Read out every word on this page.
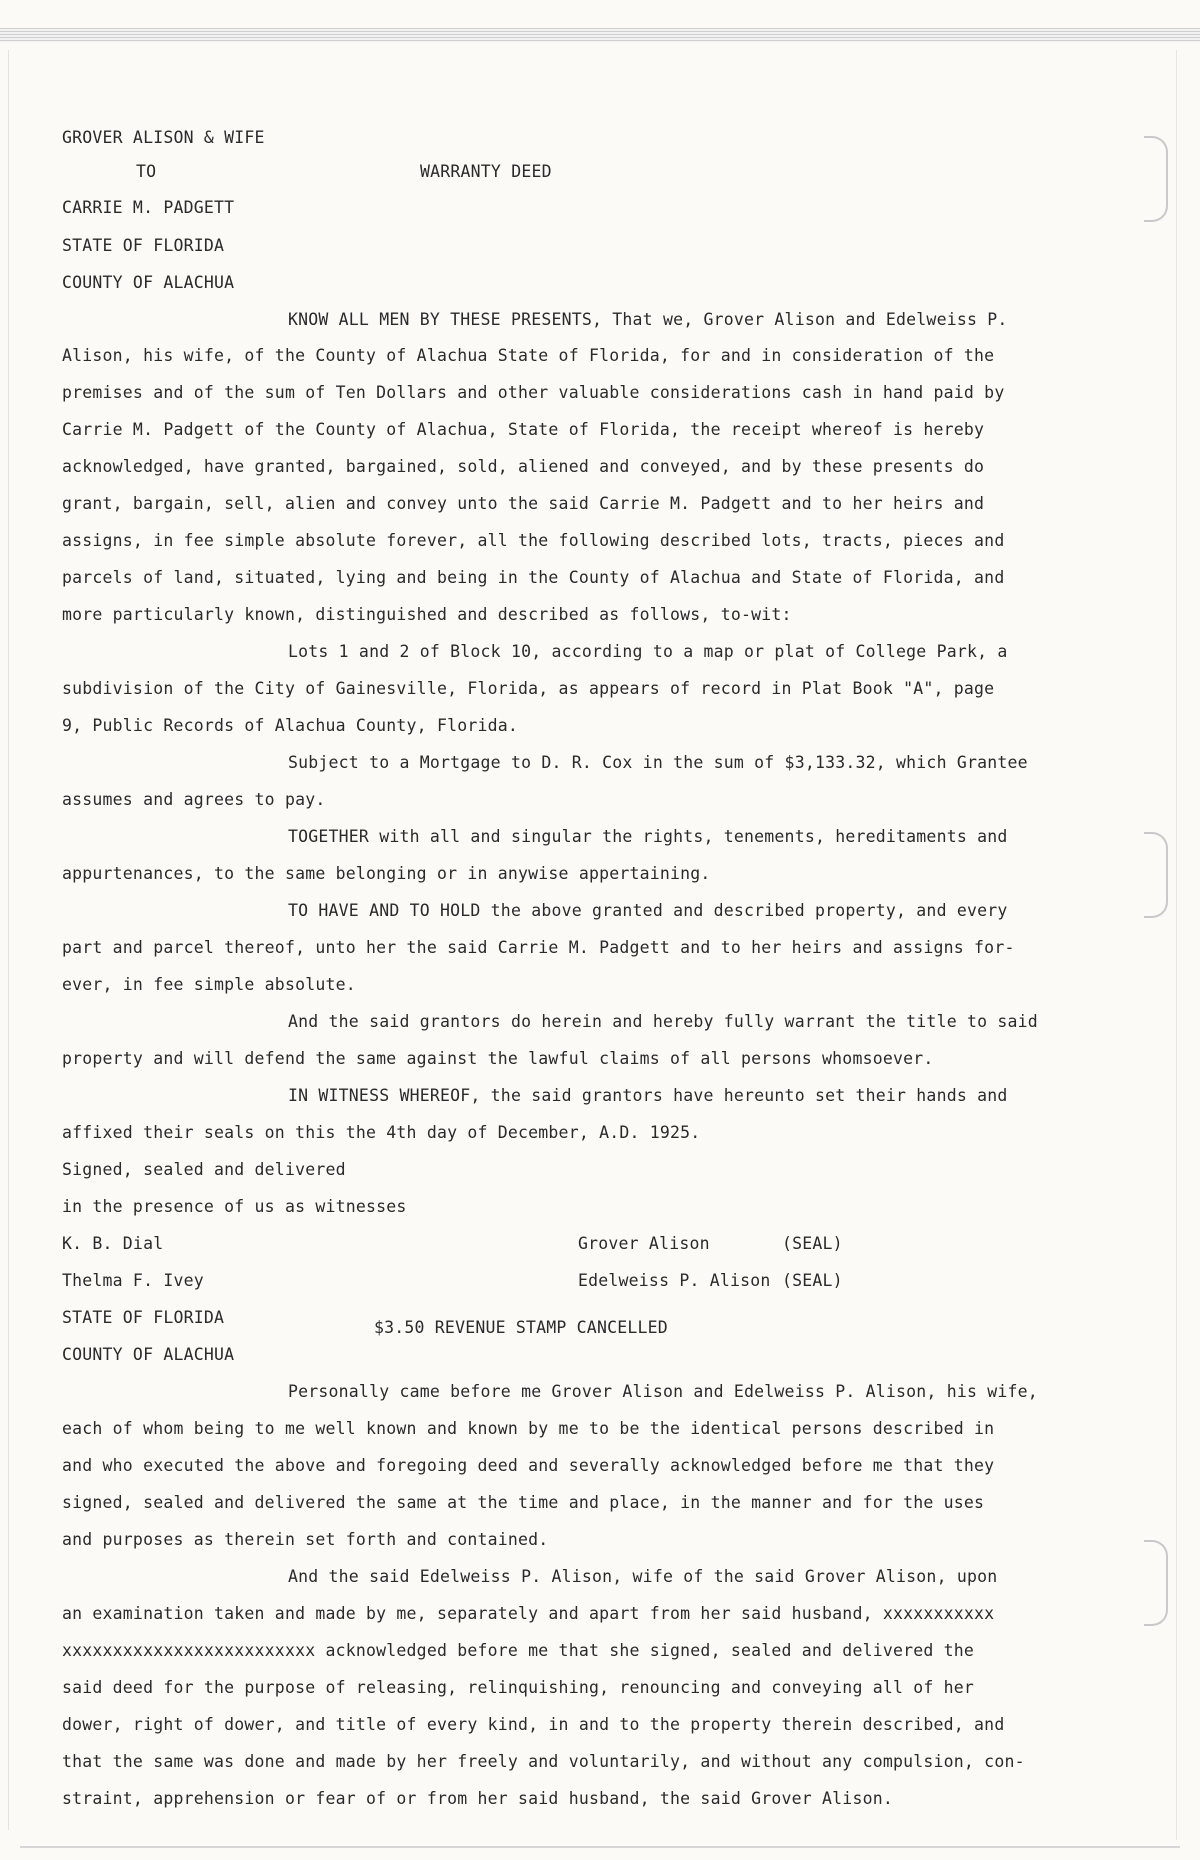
GROVER ALISON & WIFE
TO	WARRANTY DEED
CARRIE M. PADGETT
STATE OF FLORIDA
COUNTY OF ALACHUA
KNOW ALL MEN BY THESE PRESENTS, That we, Grover Alison and Edelweiss P.
Alison, his wife, of the County of Alachua State of Florida, for and in consideration of the
premises and of the sum of Ten Dollars and other valuable considerations cash in hand paid by
Carrie M. Padgett of the County of Alachua, State of Florida, the receipt whereof is hereby
acknowledged, have granted, bargained, sold, aliened and conveyed, and by these presents do
grant, bargain, sell, alien and convey unto the said Carrie M. Padgett and to her heirs and
assigns, in fee simple absolute forever, all the following described lots, tracts, pieces and
parcels of land, situated, lying and being in the County of Alachua and State of Florida, and
more particularly known, distinguished and described as follows, to-wit:
Lots 1 and 2 of Block 10, according to a map or plat of College Park, a
subdivision of the City of Gainesville, Florida, as appears of record in Plat Book "A", page
9, Public Records of Alachua County, Florida.
Subject to a Mortgage to D. R. Cox in the sum of $3,133.32, which Grantee
assumes and agrees to pay.
TOGETHER with all and singular the rights, tenements, hereditaments and
appurtenances, to the same belonging or in anywise appertaining.
TO HAVE AND TO HOLD the above granted and described property, and every
part and parcel thereof, unto her the said Carrie M. Padgett and to her heirs and assigns for-
ever, in fee simple absolute.
And the said grantors do herein and hereby fully warrant the title to said
property and will defend the same against the lawful claims of all persons whomsoever.
IN WITNESS WHEREOF, the said grantors have hereunto set their hands and
affixed their seals on this the 4th day of December, A.D. 1925.
Signed, sealed and delivered
in the presence of us as witnesses
K. B. Dial	Grover Alison	(SEAL)
Thelma F. Ivey	Edelweiss P. Alison (SEAL)
STATE OF FLORIDA
$3.50 REVENUE STAMP CANCELLED
COUNTY OF ALACHUA
Personally came before me Grover Alison and Edelweiss P. Alison, his wife,
each of whom being to me well known and known by me to be the identical persons described in
and who executed the above and foregoing deed and severally acknowledged before me that they
signed, sealed and delivered the same at the time and place, in the manner and for the uses
and purposes as therein set forth and contained.
And the said Edelweiss P. Alison, wife of the said Grover Alison, upon
an examination taken and made by me, separately and apart from her said husband, xxxxxxxxxxx
xxxxxxxxxxxxxxxxxxxxxxxxx acknowledged before me that she signed, sealed and delivered the
said deed for the purpose of releasing, relinquishing, renouncing and conveying all of her
dower, right of dower, and title of every kind, in and to the property therein described, and
that the same was done and made by her freely and voluntarily, and without any compulsion, con-
straint, apprehension or fear of or from her said husband, the said Grover Alison.
